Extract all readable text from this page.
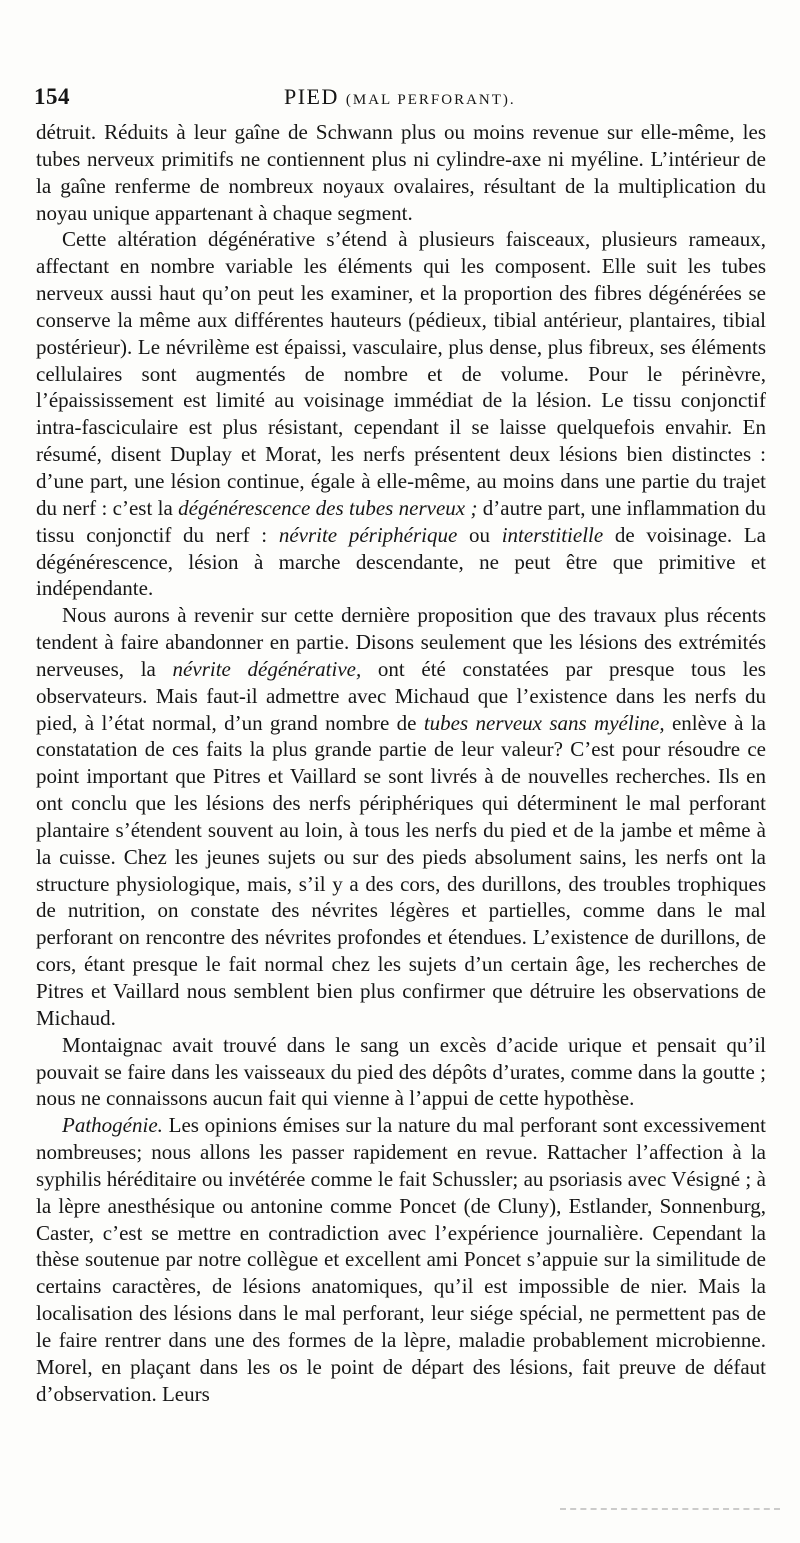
154	PIED (MAL PERFORANT).

détruit. Réduits à leur gaîne de Schwann plus ou moins revenue sur elle-même, les tubes nerveux primitifs ne contiennent plus ni cylindre-axe ni myéline. L’intérieur de la gaîne renferme de nombreux noyaux ovalaires, résultant de la multiplication du noyau unique appartenant à chaque segment.

Cette altération dégénérative s’étend à plusieurs faisceaux, plusieurs rameaux, affectant en nombre variable les éléments qui les composent. Elle suit les tubes nerveux aussi haut qu’on peut les examiner, et la proportion des fibres dégénérées se conserve la même aux différentes hauteurs (pédieux, tibial antérieur, plantaires, tibial postérieur). Le névrilème est épaissi, vasculaire, plus dense, plus fibreux, ses éléments cellulaires sont augmentés de nombre et de volume. Pour le périnèvre, l’épaississement est limité au voisinage immédiat de la lésion. Le tissu conjonctif intra-fasciculaire est plus résistant, cependant il se laisse quelquefois envahir. En résumé, disent Duplay et Morat, les nerfs présentent deux lésions bien distinctes : d’une part, une lésion continue, égale à elle-même, au moins dans une partie du trajet du nerf : c’est la dégénérescence des tubes nerveux ; d’autre part, une inflammation du tissu conjonctif du nerf : névrite périphérique ou interstitielle de voisinage. La dégénérescence, lésion à marche descendante, ne peut être que primitive et indépendante.

Nous aurons à revenir sur cette dernière proposition que des travaux plus récents tendent à faire abandonner en partie. Disons seulement que les lésions des extrémités nerveuses, la névrite dégénérative, ont été constatées par presque tous les observateurs. Mais faut-il admettre avec Michaud que l’existence dans les nerfs du pied, à l’état normal, d’un grand nombre de tubes nerveux sans myéline, enlève à la constatation de ces faits la plus grande partie de leur valeur? C’est pour résoudre ce point important que Pitres et Vaillard se sont livrés à de nouvelles recherches. Ils en ont conclu que les lésions des nerfs périphériques qui déterminent le mal perforant plantaire s’étendent souvent au loin, à tous les nerfs du pied et de la jambe et même à la cuisse. Chez les jeunes sujets ou sur des pieds absolument sains, les nerfs ont la structure physiologique, mais, s’il y a des cors, des durillons, des troubles trophiques de nutrition, on constate des névrites légères et partielles, comme dans le mal perforant on rencontre des névrites profondes et étendues. L’existence de durillons, de cors, étant presque le fait normal chez les sujets d’un certain âge, les recherches de Pitres et Vaillard nous semblent bien plus confirmer que détruire les observations de Michaud.

Montaignac avait trouvé dans le sang un excès d’acide urique et pensait qu’il pouvait se faire dans les vaisseaux du pied des dépôts d’urates, comme dans la goutte ; nous ne connaissons aucun fait qui vienne à l’appui de cette hypothèse.

Pathogénie. Les opinions émises sur la nature du mal perforant sont excessivement nombreuses; nous allons les passer rapidement en revue. Rattacher l’affection à la syphilis héréditaire ou invétérée comme le fait Schussler; au psoriasis avec Vésigné ; à la lèpre anesthésique ou antonine comme Poncet (de Cluny), Estlander, Sonnenburg, Caster, c’est se mettre en contradiction avec l’expérience journalière. Cependant la thèse soutenue par notre collègue et excellent ami Poncet s’appuie sur la similitude de certains caractères, de lésions anatomiques, qu’il est impossible de nier. Mais la localisation des lésions dans le mal perforant, leur siége spécial, ne permettent pas de le faire rentrer dans une des formes de la lèpre, maladie probablement microbienne. Morel, en plaçant dans les os le point de départ des lésions, fait preuve de défaut d’observation. Leurs
